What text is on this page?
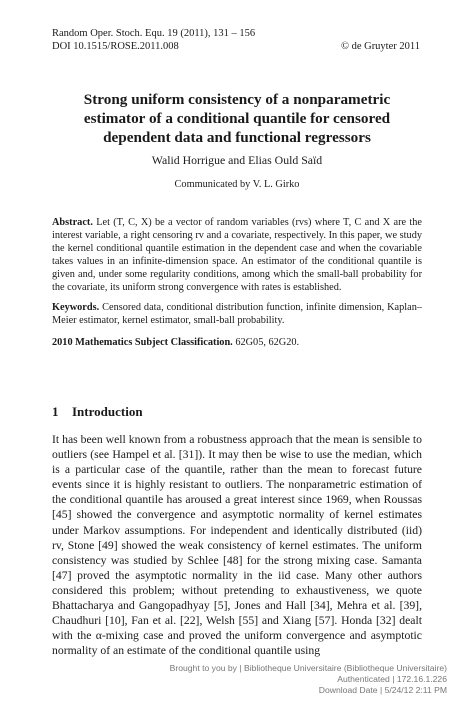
Random Oper. Stoch. Equ. 19 (2011), 131 – 156
DOI 10.1515/ROSE.2011.008	© de Gruyter 2011
Strong uniform consistency of a nonparametric estimator of a conditional quantile for censored dependent data and functional regressors
Walid Horrigue and Elias Ould Saïd
Communicated by V. L. Girko

Abstract. Let (T, C, X) be a vector of random variables (rvs) where T, C and X are the interest variable, a right censoring rv and a covariate, respectively. In this paper, we study the kernel conditional quantile estimation in the dependent case and when the covariable takes values in an infinite-dimension space. An estimator of the conditional quantile is given and, under some regularity conditions, among which the small-ball probability for the covariate, its uniform strong convergence with rates is established.

Keywords. Censored data, conditional distribution function, infinite dimension, Kaplan–Meier estimator, kernel estimator, small-ball probability.

2010 Mathematics Subject Classification. 62G05, 62G20.

1 Introduction

It has been well known from a robustness approach that the mean is sensible to outliers (see Hampel et al. [31]). It may then be wise to use the median, which is a particular case of the quantile, rather than the mean to forecast future events since it is highly resistant to outliers. The nonparametric estimation of the conditional quantile has aroused a great interest since 1969, when Roussas [45] showed the convergence and asymptotic normality of kernel estimates under Markov assumptions. For independent and identically distributed (iid) rv, Stone [49] showed the weak consistency of kernel estimates. The uniform consistency was studied by Schlee [48] for the strong mixing case. Samanta [47] proved the asymptotic normality in the iid case. Many other authors considered this problem; without pretending to exhaustiveness, we quote Bhattacharya and Gangopadhyay [5], Jones and Hall [34], Mehra et al. [39], Chaudhuri [10], Fan et al. [22], Welsh [55] and Xiang [57]. Honda [32] dealt with the α-mixing case and proved the uniform convergence and asymptotic normality of an estimate of the conditional quantile using

Brought to you by | Bibliotheque Universitaire (Bibliotheque Universitaire)
Authenticated | 172.16.1.226
Download Date | 5/24/12 2:11 PM
